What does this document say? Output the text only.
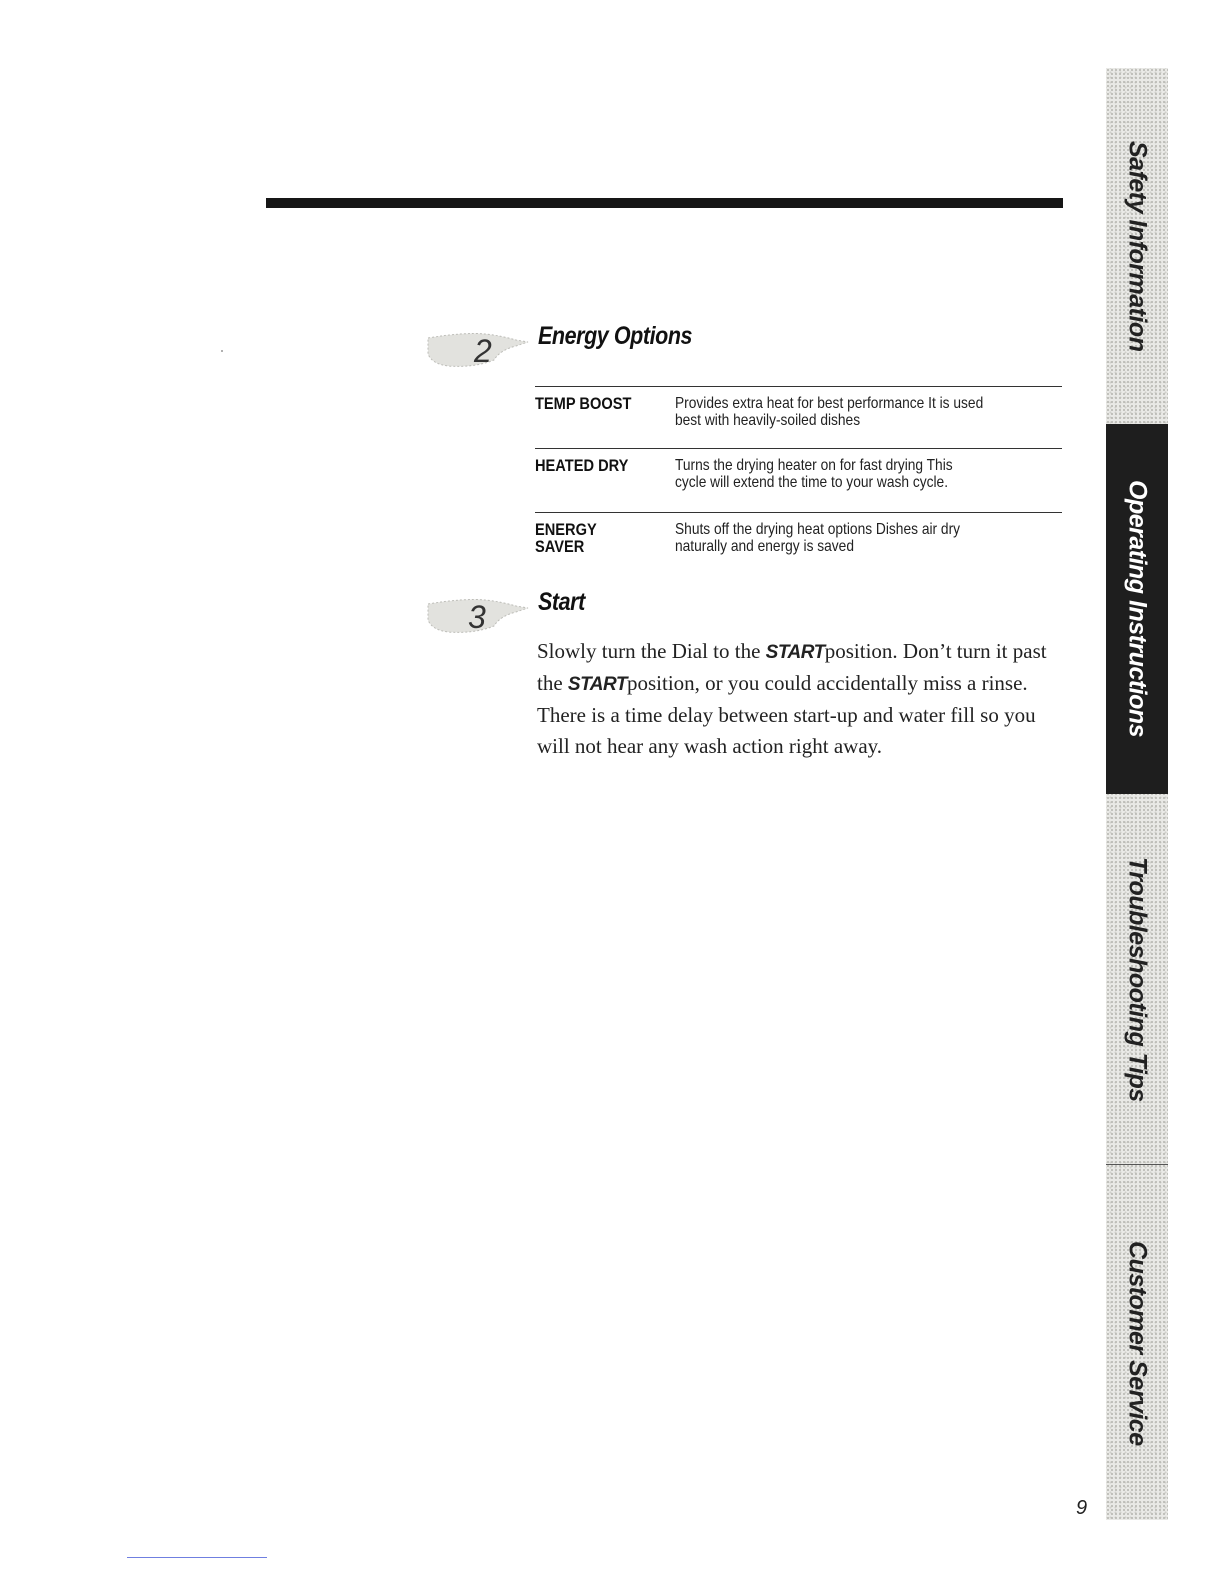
2 Energy Options
TEMP BOOST	Provides extra heat for best performance It is used
best with heavily-soiled dishes
HEATED DRY	Turns the drying heater on for fast drying This
cycle will extend the time to your wash cycle.
ENERGY
SAVER
Shuts off the drying heat options Dishes air dry
naturally and energy is saved
3 Start
Slowly turn the Dial to the STARTposition. Don’t turn it past the STARTposition, or you could accidentally miss a rinse. There is a time delay between start-up and water fill so you will not hear any wash action right away.
Safety Information
Operating Instructions
Troubleshooting Tips
Customer Service
9
